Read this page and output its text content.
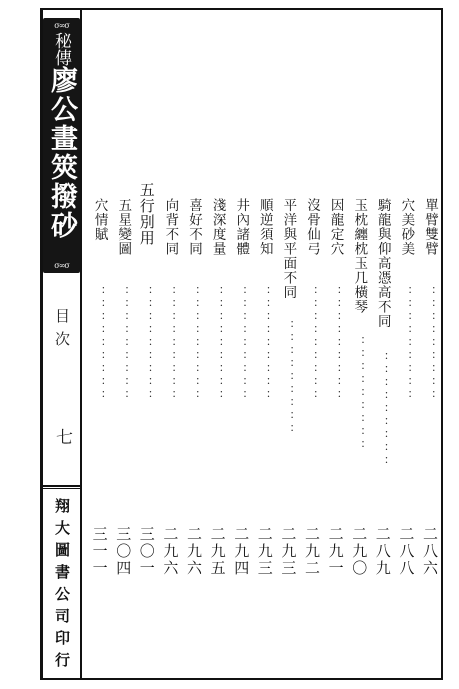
σ∞σ
秘傳廖公畫筴撥砂經
σ∞σ
目次
七
翔大圖書公司印行
單臂雙臂
：：：：：：：：：
二八六
穴美砂美
：：：：：：：：：
二八八
騎龍與仰高憑高不同
：：：：：：：：：
二八九
玉枕纏枕玉几橫琴
：：：：：：：：：
二九〇
因龍定穴
：：：：：：：：：
二九一
沒骨仙弓
：：：：：：：：：
二九二
平洋與平面不同
：：：：：：：：：
二九三
順逆須知
：：：：：：：：：
二九三
井內諸體
：：：：：：：：：
二九四
淺深度量
：：：：：：：：：
二九五
喜好不同
：：：：：：：：：
二九六
向背不同
：：：：：：：：：
二九六
五行別用
：：：：：：：：：
三〇一
五星變圖
：：：：：：：：：
三〇四
穴情賦
：：：：：：：：：
三一一
